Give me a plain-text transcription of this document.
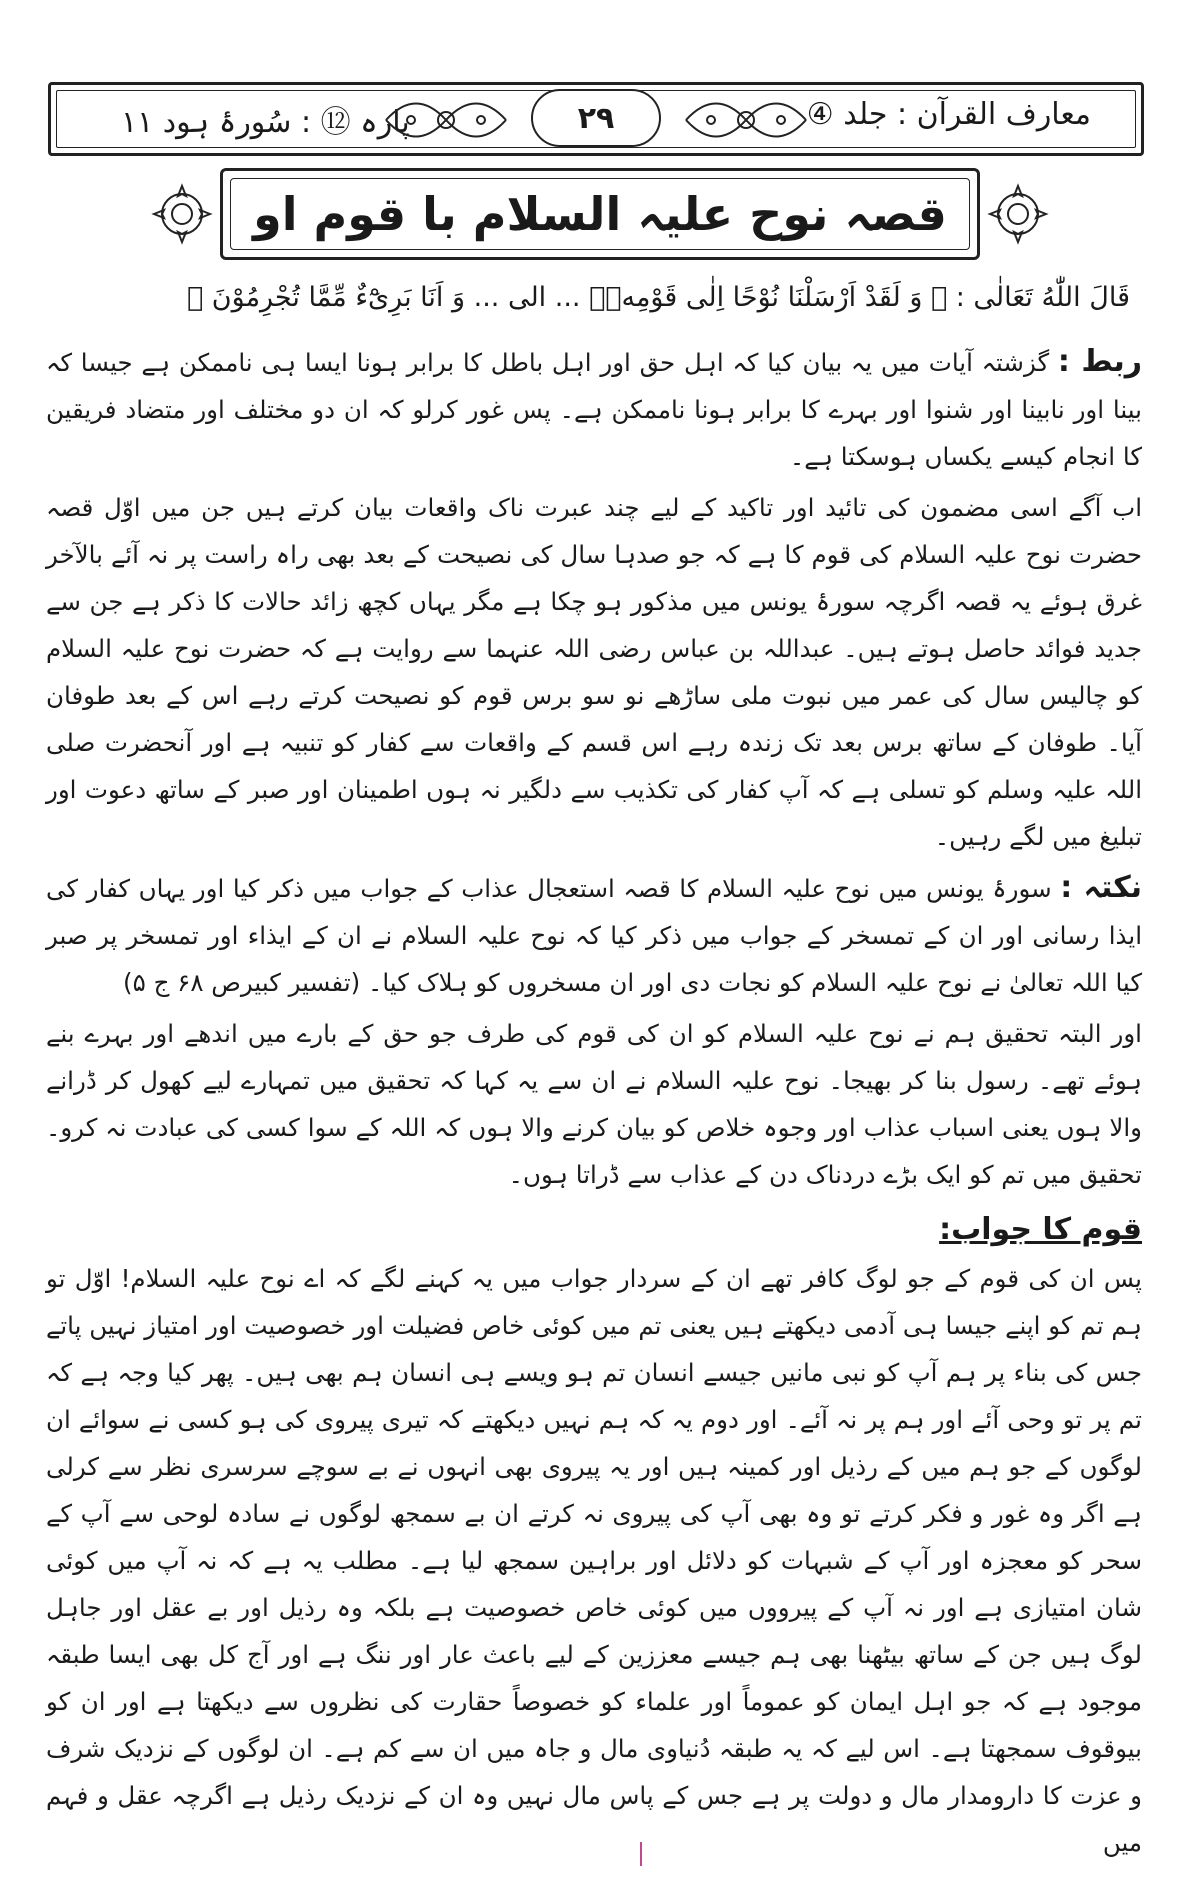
معارف القرآن : جلد ④
۲۹
پارہ ⑫ : سُورۂ ہود ۱۱
قصہ نوح علیہ السلام با قوم او
قَالَ اللّٰهُ تَعَالٰى : ﴿ وَ لَقَدْ اَرْسَلْنَا نُوْحًا اِلٰى قَوْمِهٖۤ ... الى ... وَ اَنَا بَرِیْٓءٌ مِّمَّا تُجْرِمُوْنَ ﴾

ربط : گزشتہ آیات میں یہ بیان کیا کہ اہل حق اور اہل باطل کا برابر ہونا ایسا ہی ناممکن ہے جیسا کہ بینا اور نابینا اور شنوا اور بہرے کا برابر ہونا ناممکن ہے۔ پس غور کرلو کہ ان دو مختلف اور متضاد فریقین کا انجام کیسے یکساں ہوسکتا ہے۔

اب آگے اسی مضمون کی تائید اور تاکید کے لیے چند عبرت ناک واقعات بیان کرتے ہیں جن میں اوّل قصہ حضرت نوح علیہ السلام کی قوم کا ہے کہ جو صدہا سال کی نصیحت کے بعد بھی راہ راست پر نہ آئے بالآخر غرق ہوئے یہ قصہ اگرچہ سورۂ یونس میں مذکور ہو چکا ہے مگر یہاں کچھ زائد حالات کا ذکر ہے جن سے جدید فوائد حاصل ہوتے ہیں۔ عبداللہ بن عباس رضی اللہ عنہما سے روایت ہے کہ حضرت نوح علیہ السلام کو چالیس سال کی عمر میں نبوت ملی ساڑھے نو سو برس قوم کو نصیحت کرتے رہے اس کے بعد طوفان آیا۔ طوفان کے ساتھ برس بعد تک زندہ رہے اس قسم کے واقعات سے کفار کو تنبیہ ہے اور آنحضرت صلی اللہ علیہ وسلم کو تسلی ہے کہ آپ کفار کی تکذیب سے دلگیر نہ ہوں اطمینان اور صبر کے ساتھ دعوت اور تبلیغ میں لگے رہیں۔

نکتہ : سورۂ یونس میں نوح علیہ السلام کا قصہ استعجال عذاب کے جواب میں ذکر کیا اور یہاں کفار کی ایذا رسانی اور ان کے تمسخر کے جواب میں ذکر کیا کہ نوح علیہ السلام نے ان کے ایذاء اور تمسخر پر صبر کیا اللہ تعالیٰ نے نوح علیہ السلام کو نجات دی اور ان مسخروں کو ہلاک کیا۔ (تفسیر کبیرص ۶۸ ج ۵)

اور البتہ تحقیق ہم نے نوح علیہ السلام کو ان کی قوم کی طرف جو حق کے بارے میں اندھے اور بہرے بنے ہوئے تھے۔ رسول بنا کر بھیجا۔ نوح علیہ السلام نے ان سے یہ کہا کہ تحقیق میں تمہارے لیے کھول کر ڈرانے والا ہوں یعنی اسباب عذاب اور وجوہ خلاص کو بیان کرنے والا ہوں کہ اللہ کے سوا کسی کی عبادت نہ کرو۔ تحقیق میں تم کو ایک بڑے دردناک دن کے عذاب سے ڈراتا ہوں۔

قوم کا جواب:

پس ان کی قوم کے جو لوگ کافر تھے ان کے سردار جواب میں یہ کہنے لگے کہ اے نوح علیہ السلام! اوّل تو ہم تم کو اپنے جیسا ہی آدمی دیکھتے ہیں یعنی تم میں کوئی خاص فضیلت اور خصوصیت اور امتیاز نہیں پاتے جس کی بناء پر ہم آپ کو نبی مانیں جیسے انسان تم ہو ویسے ہی انسان ہم بھی ہیں۔ پھر کیا وجہ ہے کہ تم پر تو وحی آئے اور ہم پر نہ آئے۔ اور دوم یہ کہ ہم نہیں دیکھتے کہ تیری پیروی کی ہو کسی نے سوائے ان لوگوں کے جو ہم میں کے رذیل اور کمینہ ہیں اور یہ پیروی بھی انہوں نے بے سوچے سرسری نظر سے کرلی ہے اگر وہ غور و فکر کرتے تو وہ بھی آپ کی پیروی نہ کرتے ان بے سمجھ لوگوں نے سادہ لوحی سے آپ کے سحر کو معجزہ اور آپ کے شبہات کو دلائل اور براہین سمجھ لیا ہے۔ مطلب یہ ہے کہ نہ آپ میں کوئی شان امتیازی ہے اور نہ آپ کے پیرووں میں کوئی خاص خصوصیت ہے بلکہ وہ رذیل اور بے عقل اور جاہل لوگ ہیں جن کے ساتھ بیٹھنا بھی ہم جیسے معززین کے لیے باعث عار اور ننگ ہے اور آج کل بھی ایسا طبقہ موجود ہے کہ جو اہل ایمان کو عموماً اور علماء کو خصوصاً حقارت کی نظروں سے دیکھتا ہے اور ان کو بیوقوف سمجھتا ہے۔ اس لیے کہ یہ طبقہ دُنیاوی مال و جاہ میں ان سے کم ہے۔ ان لوگوں کے نزدیک شرف و عزت کا دارومدار مال و دولت پر ہے جس کے پاس مال نہیں وہ ان کے نزدیک رذیل ہے اگرچہ عقل و فہم میں
